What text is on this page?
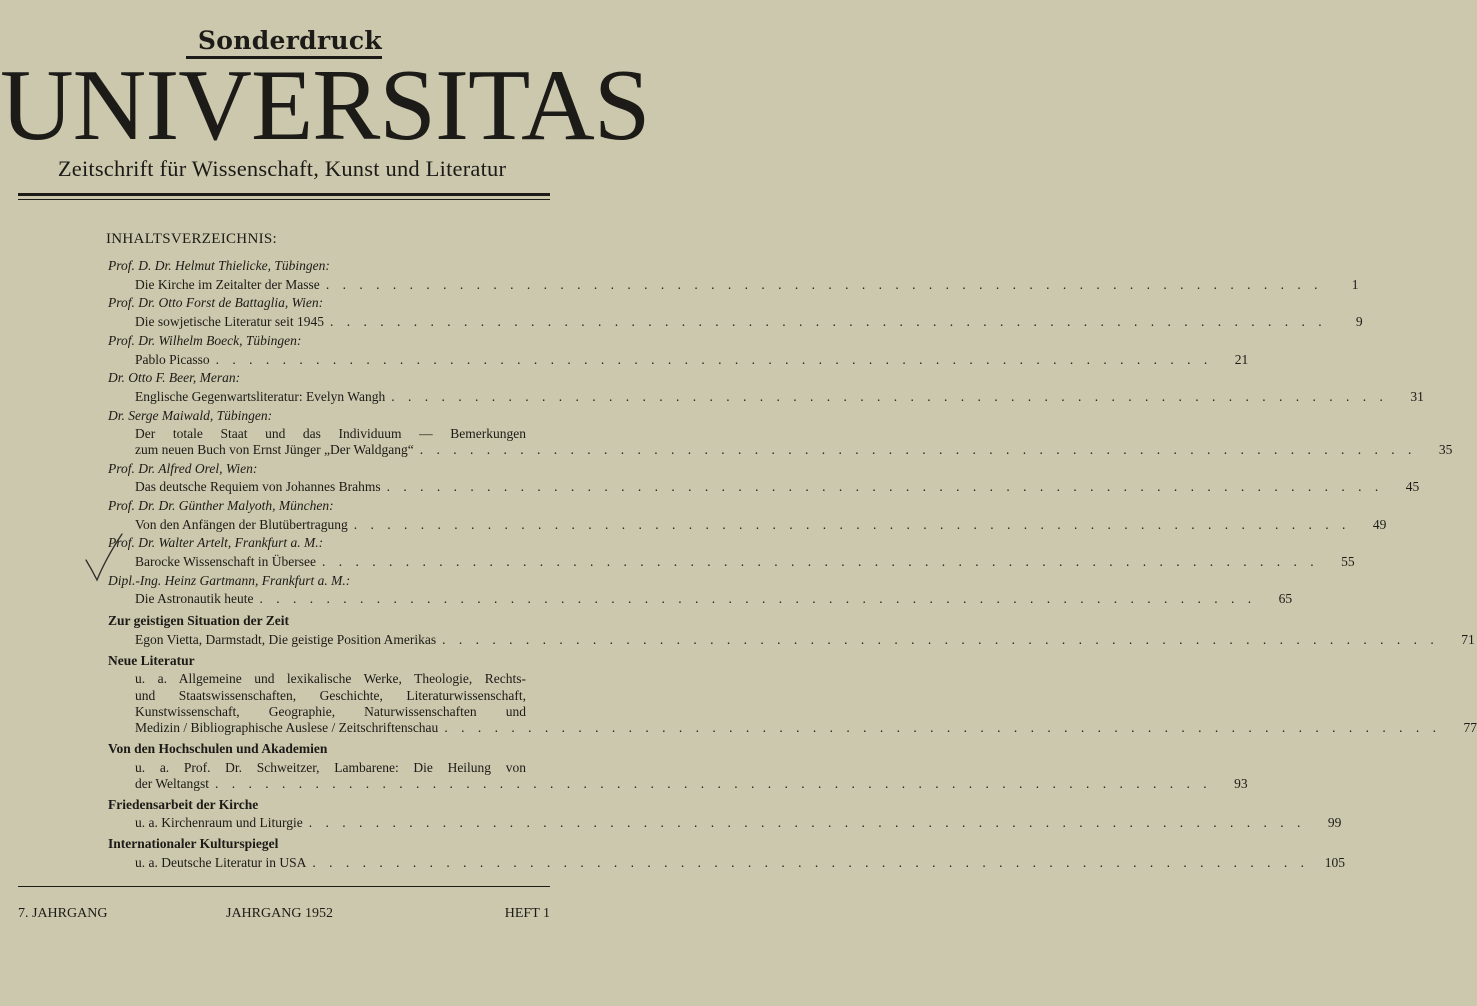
Sonderdruck
UNIVERSITAS
Zeitschrift für Wissenschaft, Kunst und Literatur
INHALTSVERZEICHNIS:
Prof. D. Dr. Helmut Thielicke, Tübingen:
Die Kirche im Zeitalter der Masse . . . . . . . . . . . . . . . . . . . . . . . . . . . . . . . . . . . . . . . . . . . . . . . . . . . . . . . . . . . .	1
Prof. Dr. Otto Forst de Battaglia, Wien:
Die sowjetische Literatur seit 1945 . . . . . . . . . . . . . . . . . . . . . . . . . . . . . . . . . . . . . . . . . . . . . . . . . . . . . . . . . . . .	9
Prof. Dr. Wilhelm Boeck, Tübingen:
Pablo Picasso . . . . . . . . . . . . . . . . . . . . . . . . . . . . . . . . . . . . . . . . . . . . . . . . . . . . . . . . . . . .	21
Dr. Otto F. Beer, Meran:
Englische Gegenwartsliteratur: Evelyn Wangh . . . . . . . . . . . . . . . . . . . . . . . . . . . . . . . . . . . . . . . . . . . . . . . . . . . . . . . . . . . .	31
Dr. Serge Maiwald, Tübingen:
Der totale Staat und das Individuum — Bemerkungen
zum neuen Buch von Ernst Jünger „Der Waldgang“ . . . . . . . . . . . . . . . . . . . . . . . . . . . . . . . . . . . . . . . . . . . . . . . . . . . . . . . . . . . .	35
Prof. Dr. Alfred Orel, Wien:
Das deutsche Requiem von Johannes Brahms . . . . . . . . . . . . . . . . . . . . . . . . . . . . . . . . . . . . . . . . . . . . . . . . . . . . . . . . . . . .	45
Prof. Dr. Dr. Günther Malyoth, München:
Von den Anfängen der Blutübertragung . . . . . . . . . . . . . . . . . . . . . . . . . . . . . . . . . . . . . . . . . . . . . . . . . . . . . . . . . . . .	49
Prof. Dr. Walter Artelt, Frankfurt a. M.:
Barocke Wissenschaft in Übersee . . . . . . . . . . . . . . . . . . . . . . . . . . . . . . . . . . . . . . . . . . . . . . . . . . . . . . . . . . . .	55
Dipl.-Ing. Heinz Gartmann, Frankfurt a. M.:
Die Astronautik heute . . . . . . . . . . . . . . . . . . . . . . . . . . . . . . . . . . . . . . . . . . . . . . . . . . . . . . . . . . . .	65
Zur geistigen Situation der Zeit
Egon Vietta, Darmstadt, Die geistige Position Amerikas . . . . . . . . . . . . . . . . . . . . . . . . . . . . . . . . . . . . . . . . . . . . . . . . . . . . . . . . . . . .	71
Neue Literatur
u. a. Allgemeine und lexikalische Werke, Theologie, Rechts-
und Staatswissenschaften, Geschichte, Literaturwissenschaft,
Kunstwissenschaft, Geographie, Naturwissenschaften und
Medizin / Bibliographische Auslese / Zeitschriftenschau . . . . . . . . . . . . . . . . . . . . . . . . . . . . . . . . . . . . . . . . . . . . . . . . . . . . . . . . . . . .	77
Von den Hochschulen und Akademien
u. a. Prof. Dr. Schweitzer, Lambarene: Die Heilung von
der Weltangst . . . . . . . . . . . . . . . . . . . . . . . . . . . . . . . . . . . . . . . . . . . . . . . . . . . . . . . . . . . .	93
Friedensarbeit der Kirche
u. a. Kirchenraum und Liturgie . . . . . . . . . . . . . . . . . . . . . . . . . . . . . . . . . . . . . . . . . . . . . . . . . . . . . . . . . . . .	99
Internationaler Kulturspiegel
u. a. Deutsche Literatur in USA . . . . . . . . . . . . . . . . . . . . . . . . . . . . . . . . . . . . . . . . . . . . . . . . . . . . . . . . . . . .	105
7. JAHRGANG	JAHRGANG 1952	HEFT 1
